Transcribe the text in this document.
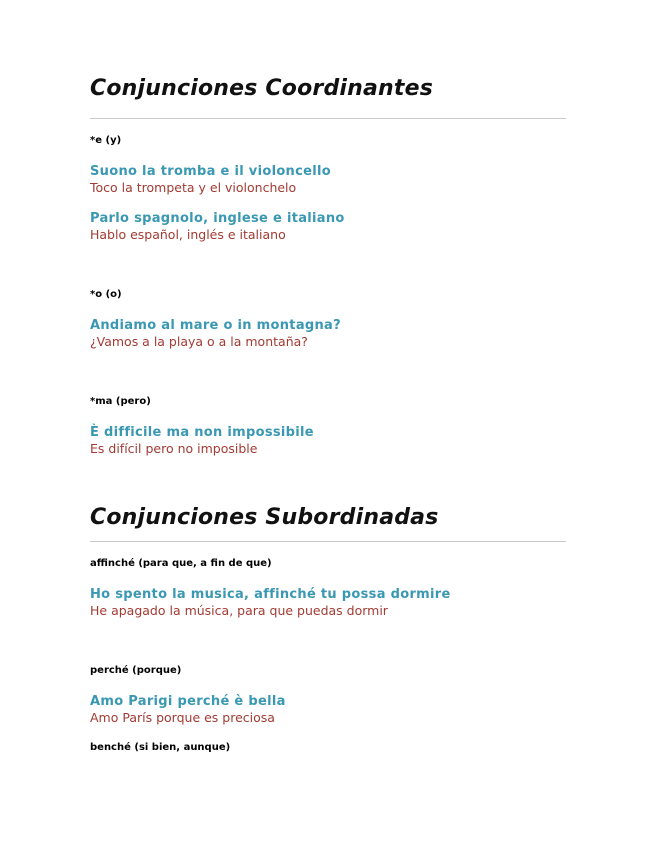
Conjunciones Coordinantes
*e (y)
Suono la tromba e il violoncello
Toco la trompeta y el violonchelo
Parlo spagnolo, inglese e italiano
Hablo español, inglés e italiano
*o (o)
Andiamo al mare o in montagna?
¿Vamos a la playa o a la montaña?
*ma (pero)
È difficile ma non impossibile
Es difícil pero no imposible
Conjunciones Subordinadas
affinché (para que, a fin de que)
Ho spento la musica, affinché tu possa dormire
He apagado la música, para que puedas dormir
perché (porque)
Amo Parigi perché è bella
Amo París porque es preciosa
benché (si bien, aunque)
